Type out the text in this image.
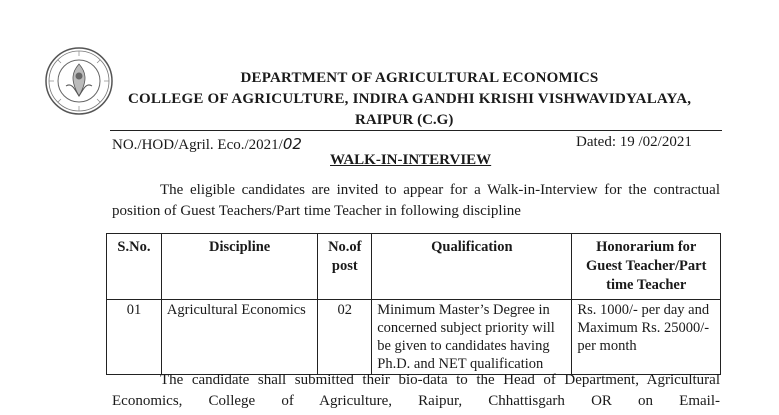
DEPARTMENT OF AGRICULTURAL ECONOMICS
COLLEGE OF AGRICULTURE, INDIRA GANDHI KRISHI VISHWAVIDYALAYA,
RAIPUR (C.G)
NO./HOD/Agril. Eco./2021/02	Dated: 19 /02/2021
WALK-IN-INTERVIEW
The eligible candidates are invited to appear for a Walk-in-Interview for the contractual position of Guest Teachers/Part time Teacher in following discipline
S.No.	Discipline	No.of post	Qualification	Honorarium for Guest Teacher/Part time Teacher
01	Agricultural Economics	02	Minimum Master’s Degree in concerned subject priority will be given to candidates having Ph.D. and NET qualification	Rs. 1000/- per day and Maximum Rs. 25000/- per month
The candidate shall submitted their bio-data to the Head of Department, Agricultural Economics, College of Agriculture, Raipur, Chhattisgarh OR on Email-
